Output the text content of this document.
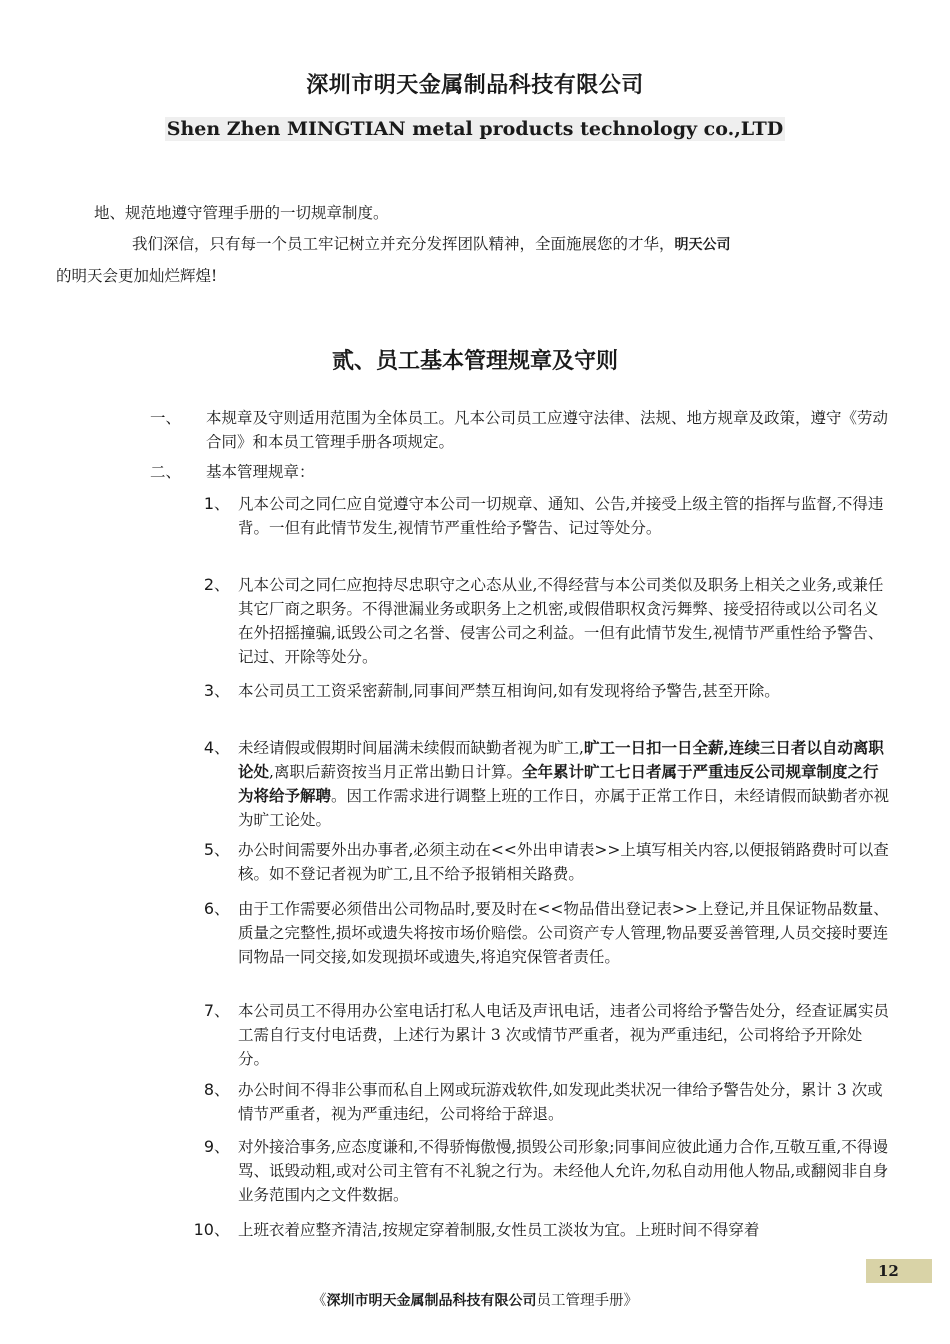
深圳市明天金属制品科技有限公司
Shen Zhen MINGTIAN metal products technology co.,LTD
地、规范地遵守管理手册的一切规章制度。
我们深信，只有每一个员工牢记树立并充分发挥团队精神，全面施展您的才华，明天公司
的明天会更加灿烂辉煌!
贰、员工基本管理规章及守则
一、 本规章及守则适用范围为全体员工。凡本公司员工应遵守法律、法规、地方规章及政策，遵守《劳动合同》和本员工管理手册各项规定。
二、 基本管理规章：
1、 凡本公司之同仁应自觉遵守本公司一切规章、通知、公告,并接受上级主管的指挥与监督,不得违背。一但有此情节发生,视情节严重性给予警告、记过等处分。
2、 凡本公司之同仁应抱持尽忠职守之心态从业,不得经营与本公司类似及职务上相关之业务,或兼任其它厂商之职务。不得泄漏业务或职务上之机密,或假借职权贪污舞弊、接受招待或以公司名义在外招摇撞骗,诋毁公司之名誉、侵害公司之利益。一但有此情节发生,视情节严重性给予警告、记过、开除等处分。
3、 本公司员工工资采密薪制,同事间严禁互相询问,如有发现将给予警告,甚至开除。
4、 未经请假或假期时间届满未续假而缺勤者视为旷工,旷工一日扣一日全薪,连续三日者以自动离职论处,离职后薪资按当月正常出勤日计算。全年累计旷工七日者属于严重违反公司规章制度之行为将给予解聘。因工作需求进行调整上班的工作日，亦属于正常工作日，未经请假而缺勤者亦视为旷工论处。
5、 办公时间需要外出办事者,必须主动在<<外出申请表>>上填写相关内容,以便报销路费时可以查核。如不登记者视为旷工,且不给予报销相关路费。
6、 由于工作需要必须借出公司物品时,要及时在<<物品借出登记表>>上登记,并且保证物品数量、质量之完整性,损坏或遗失将按市场价赔偿。公司资产专人管理,物品要妥善管理,人员交接时要连同物品一同交接,如发现损坏或遗失,将追究保管者责任。
7、 本公司员工不得用办公室电话打私人电话及声讯电话，违者公司将给予警告处分，经查证属实员工需自行支付电话费，上述行为累计 3 次或情节严重者，视为严重违纪，公司将给予开除处分。
8、 办公时间不得非公事而私自上网或玩游戏软件,如发现此类状况一律给予警告处分，累计 3 次或情节严重者，视为严重违纪，公司将给于辞退。
9、 对外接洽事务,应态度谦和,不得骄悔傲慢,损毁公司形象;同事间应彼此通力合作,互敬互重,不得谩骂、诋毁动粗,或对公司主管有不礼貌之行为。未经他人允许,勿私自动用他人物品,或翻阅非自身业务范围内之文件数据。
10、 上班衣着应整齐清洁,按规定穿着制服,女性员工淡妆为宜。上班时间不得穿着
12
《深圳市明天金属制品科技有限公司员工管理手册》
